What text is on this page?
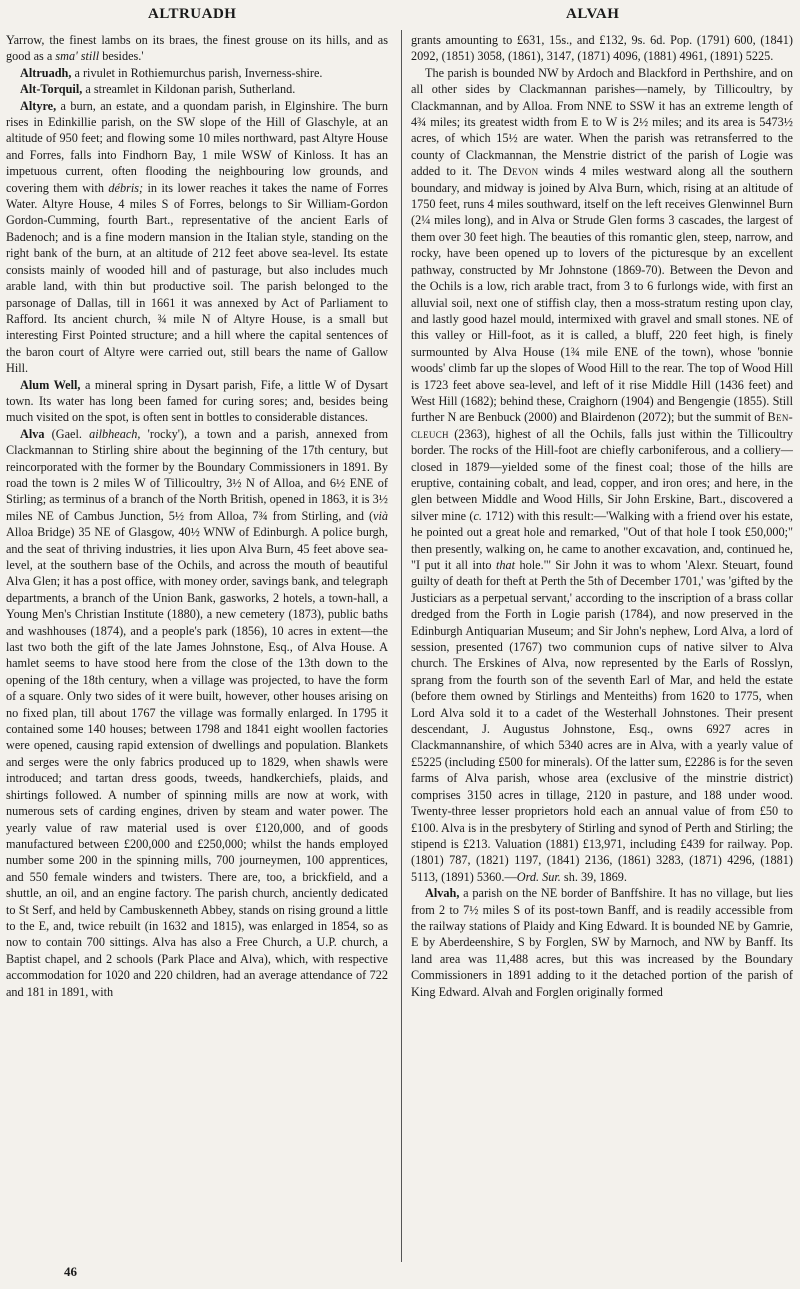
ALTRUADH	ALVAH

Yarrow, the finest lambs on its braes, the finest grouse on its hills, and as good as a sma' still besides.'

Altruadh, a rivulet in Rothiemurchus parish, Inverness-shire.

Alt-Torquil, a streamlet in Kildonan parish, Sutherland.

Altyre, a burn, an estate, and a quondam parish, in Elginshire. The burn rises in Edinkillie parish, on the SW slope of the Hill of Glaschyle, at an altitude of 950 feet; and flowing some 10 miles northward, past Altyre House and Forres, falls into Findhorn Bay, 1 mile WSW of Kinloss. It has an impetuous current, often flooding the neighbouring low grounds, and covering them with débris; in its lower reaches it takes the name of Forres Water. Altyre House, 4 miles S of Forres, belongs to Sir William-Gordon Gordon-Cumming, fourth Bart., representative of the ancient Earls of Badenoch; and is a fine modern mansion in the Italian style, standing on the right bank of the burn, at an altitude of 212 feet above sea-level. Its estate consists mainly of wooded hill and of pasturage, but also includes much arable land, with thin but productive soil. The parish belonged to the parsonage of Dallas, till in 1661 it was annexed by Act of Parliament to Rafford. Its ancient church, ¾ mile N of Altyre House, is a small but interesting First Pointed structure; and a hill where the capital sentences of the baron court of Altyre were carried out, still bears the name of Gallow Hill.

Alum Well, a mineral spring in Dysart parish, Fife, a little W of Dysart town. Its water has long been famed for curing sores; and, besides being much visited on the spot, is often sent in bottles to considerable distances.

Alva (Gael. ailbheach, 'rocky'), a town and a parish, annexed from Clackmannan to Stirling shire about the beginning of the 17th century, but reincorporated with the former by the Boundary Commissioners in 1891. By road the town is 2 miles W of Tillicoultry, 3½ N of Alloa, and 6½ ENE of Stirling; as terminus of a branch of the North British, opened in 1863, it is 3½ miles NE of Cambus Junction, 5½ from Alloa, 7¾ from Stirling, and (vià Alloa Bridge) 35 NE of Glasgow, 40½ WNW of Edinburgh. A police burgh, and the seat of thriving industries, it lies upon Alva Burn, 45 feet above sea-level, at the southern base of the Ochils, and across the mouth of beautiful Alva Glen; it has a post office, with money order, savings bank, and telegraph departments, a branch of the Union Bank, gasworks, 2 hotels, a town-hall, a Young Men's Christian Institute (1880), a new cemetery (1873), public baths and washhouses (1874), and a people's park (1856), 10 acres in extent—the last two both the gift of the late James Johnstone, Esq., of Alva House. A hamlet seems to have stood here from the close of the 13th down to the opening of the 18th century, when a village was projected, to have the form of a square. Only two sides of it were built, however, other houses arising on no fixed plan, till about 1767 the village was formally enlarged. In 1795 it contained some 140 houses; between 1798 and 1841 eight woollen factories were opened, causing rapid extension of dwellings and population. Blankets and serges were the only fabrics produced up to 1829, when shawls were introduced; and tartan dress goods, tweeds, handkerchiefs, plaids, and shirtings followed. A number of spinning mills are now at work, with numerous sets of carding engines, driven by steam and water power. The yearly value of raw material used is over £120,000, and of goods manufactured between £200,000 and £250,000; whilst the hands employed number some 200 in the spinning mills, 700 journeymen, 100 apprentices, and 550 female winders and twisters. There are, too, a brickfield, and a shuttle, an oil, and an engine factory. The parish church, anciently dedicated to St Serf, and held by Cambuskenneth Abbey, stands on rising ground a little to the E, and, twice rebuilt (in 1632 and 1815), was enlarged in 1854, so as now to contain 700 sittings. Alva has also a Free Church, a U.P. church, a Baptist chapel, and 2 schools (Park Place and Alva), which, with respective accommodation for 1020 and 220 children, had an average attendance of 722 and 181 in 1891, with

grants amounting to £631, 15s., and £132, 9s. 6d. Pop. (1791) 600, (1841) 2092, (1851) 3058, (1861), 3147, (1871) 4096, (1881) 4961, (1891) 5225.

The parish is bounded NW by Ardoch and Blackford in Perthshire, and on all other sides by Clackmannan parishes—namely, by Tillicoultry, by Clackmannan, and by Alloa. From NNE to SSW it has an extreme length of 4¾ miles; its greatest width from E to W is 2½ miles; and its area is 5473½ acres, of which 15½ are water. When the parish was retransferred to the county of Clackmannan, the Menstrie district of the parish of Logie was added to it. The Devon winds 4 miles westward along all the southern boundary, and midway is joined by Alva Burn, which, rising at an altitude of 1750 feet, runs 4 miles southward, itself on the left receives Glenwinnel Burn (2¼ miles long), and in Alva or Strude Glen forms 3 cascades, the largest of them over 30 feet high. The beauties of this romantic glen, steep, narrow, and rocky, have been opened up to lovers of the picturesque by an excellent pathway, constructed by Mr Johnstone (1869-70). Between the Devon and the Ochils is a low, rich arable tract, from 3 to 6 furlongs wide, with first an alluvial soil, next one of stiffish clay, then a moss-stratum resting upon clay, and lastly good hazel mould, intermixed with gravel and small stones. NE of this valley or Hill-foot, as it is called, a bluff, 220 feet high, is finely surmounted by Alva House (1¾ mile ENE of the town), whose 'bonnie woods' climb far up the slopes of Wood Hill to the rear. The top of Wood Hill is 1723 feet above sea-level, and left of it rise Middle Hill (1436 feet) and West Hill (1682); behind these, Craighorn (1904) and Bengengie (1855). Still further N are Benbuck (2000) and Blairdenon (2072); but the summit of Ben-cleuch (2363), highest of all the Ochils, falls just within the Tillicoultry border. The rocks of the Hill-foot are chiefly carboniferous, and a colliery—closed in 1879—yielded some of the finest coal; those of the hills are eruptive, containing cobalt, and lead, copper, and iron ores; and here, in the glen between Middle and Wood Hills, Sir John Erskine, Bart., discovered a silver mine (c. 1712) with this result:—'Walking with a friend over his estate, he pointed out a great hole and remarked, "Out of that hole I took £50,000;" then presently, walking on, he came to another excavation, and, continued he, "I put it all into that hole."' Sir John it was to whom 'Alexr. Steuart, found guilty of death for theft at Perth the 5th of December 1701,' was 'gifted by the Justiciars as a perpetual servant,' according to the inscription of a brass collar dredged from the Forth in Logie parish (1784), and now preserved in the Edinburgh Antiquarian Museum; and Sir John's nephew, Lord Alva, a lord of session, presented (1767) two communion cups of native silver to Alva church. The Erskines of Alva, now represented by the Earls of Rosslyn, sprang from the fourth son of the seventh Earl of Mar, and held the estate (before them owned by Stirlings and Menteiths) from 1620 to 1775, when Lord Alva sold it to a cadet of the Westerhall Johnstones. Their present descendant, J. Augustus Johnstone, Esq., owns 6927 acres in Clackmannanshire, of which 5340 acres are in Alva, with a yearly value of £5225 (including £500 for minerals). Of the latter sum, £2286 is for the seven farms of Alva parish, whose area (exclusive of the minstrie district) comprises 3150 acres in tillage, 2120 in pasture, and 188 under wood. Twenty-three lesser proprietors hold each an annual value of from £50 to £100. Alva is in the presbytery of Stirling and synod of Perth and Stirling; the stipend is £213. Valuation (1881) £13,971, including £439 for railway. Pop. (1801) 787, (1821) 1197, (1841) 2136, (1861) 3283, (1871) 4296, (1881) 5113, (1891) 5360.—Ord. Sur. sh. 39, 1869.

Alvah, a parish on the NE border of Banffshire. It has no village, but lies from 2 to 7½ miles S of its post-town Banff, and is readily accessible from the railway stations of Plaidy and King Edward. It is bounded NE by Gamrie, E by Aberdeenshire, S by Forglen, SW by Marnoch, and NW by Banff. Its land area was 11,488 acres, but this was increased by the Boundary Commissioners in 1891 adding to it the detached portion of the parish of King Edward. Alvah and Forglen originally formed

46
